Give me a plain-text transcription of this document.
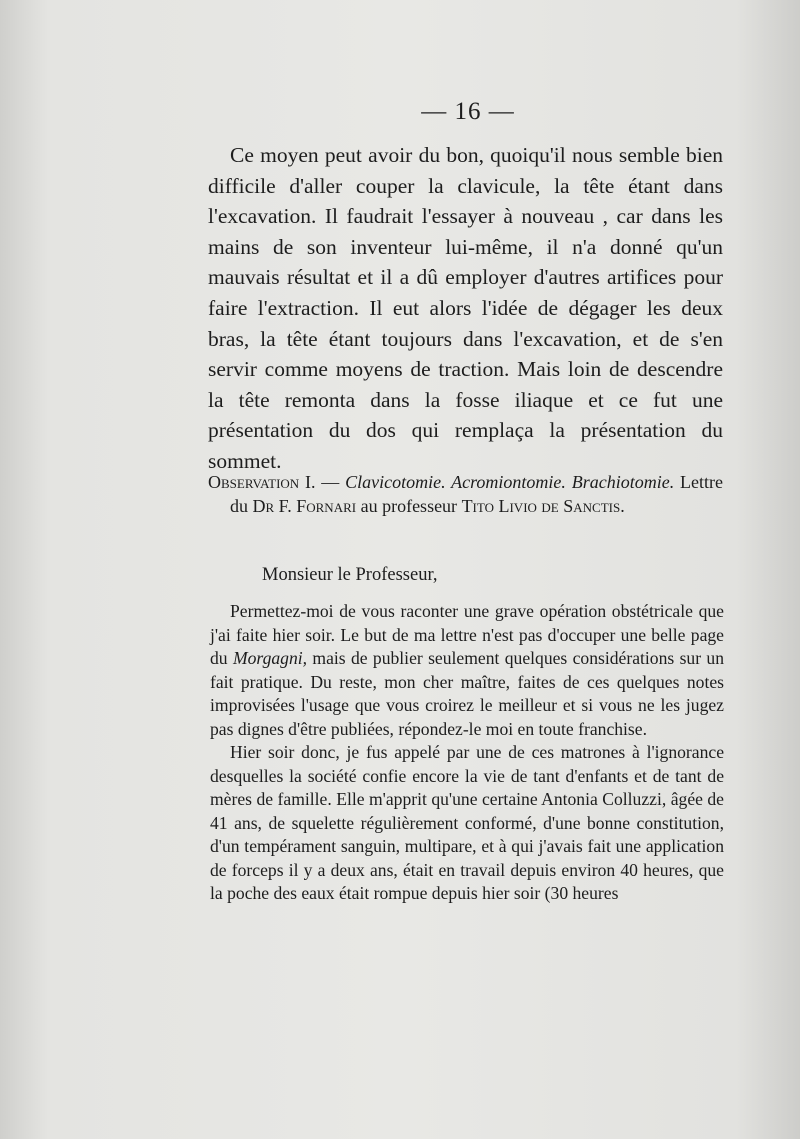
— 16 —

Ce moyen peut avoir du bon, quoiqu'il nous semble bien difficile d'aller couper la clavicule, la tête étant dans l'excavation. Il faudrait l'essayer à nouveau , car dans les mains de son inventeur lui-même, il n'a donné qu'un mauvais résultat et il a dû employer d'autres artifices pour faire l'extraction. Il eut alors l'idée de dégager les deux bras, la tête étant toujours dans l'excavation, et de s'en servir comme moyens de traction. Mais loin de descendre la tête remonta dans la fosse iliaque et ce fut une présentation du dos qui remplaça la présentation du sommet.

Observation I. — Clavicotomie. Acromiontomie. Brachiotomie. Lettre du Dr F. Fornari au professeur Tito Livio de Sanctis.
Monsieur le Professeur,

Permettez-moi de vous raconter une grave opération obstétricale que j'ai faite hier soir. Le but de ma lettre n'est pas d'occuper une belle page du Morgagni, mais de publier seulement quelques considérations sur un fait pratique. Du reste, mon cher maître, faites de ces quelques notes improvisées l'usage que vous croirez le meilleur et si vous ne les jugez pas dignes d'être publiées, répondez-le moi en toute franchise.

Hier soir donc, je fus appelé par une de ces matrones à l'ignorance desquelles la société confie encore la vie de tant d'enfants et de tant de mères de famille. Elle m'apprit qu'une certaine Antonia Colluzzi, âgée de 41 ans, de squelette régulièrement conformé, d'une bonne constitution, d'un tempérament sanguin, multipare, et à qui j'avais fait une application de forceps il y a deux ans, était en travail depuis environ 40 heures, que la poche des eaux était rompue depuis hier soir (30 heures
